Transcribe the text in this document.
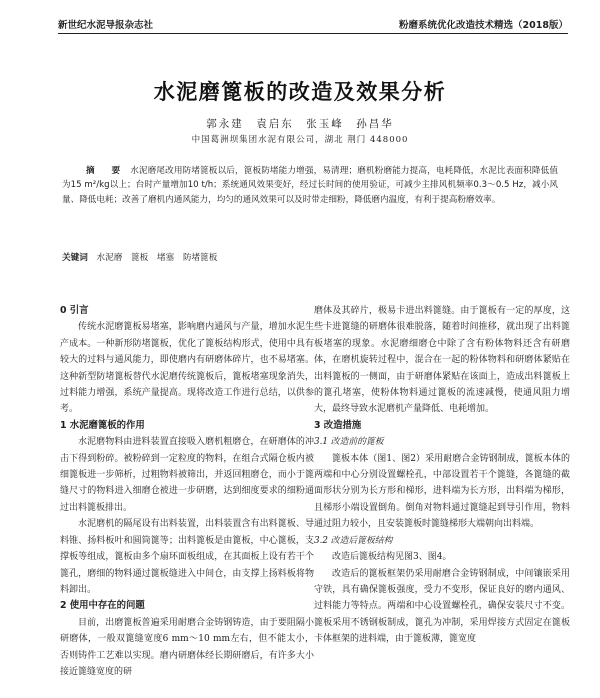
新世纪水泥导报杂志社	粉磨系统优化改造技术精选（2018版）
水泥磨篦板的改造及效果分析
郭永建　袁启东　张玉峰　孙昌华
中国葛洲坝集团水泥有限公司，湖北 荆门 448000
摘　要 水泥磨尾改用防堵篦板以后，篦板防堵能力增强，易清理；磨机粉磨能力提高，电耗降低，水泥比表面积降低值为15 m²/kg以上；台时产量增加10 t/h；系统通风效果变好，经过长时间的使用验证，可减少主排风机频率0.3～0.5 Hz，减小风量、降低电耗；改善了磨机内通风能力，均匀的通风效果可以及时带走细粉，降低磨内温度，有利于提高粉磨效率。
关键词 水泥磨 篦板 堵塞 防堵篦板
0 引言

传统水泥磨篦板易堵塞，影响磨内通风与产量，增加水泥生产成本。一种新形防堵篦板，优化了篦板结构形式，使用中具有较大的过料与通风能力，即使磨内有研磨体碎片，也不易堵塞。这种新型防堵篦板替代水泥磨传统篦板后，篦板堵塞现象消失，过料能力增强，系统产量提高。现将改造工作进行总结，以供参考。

1 水泥磨篦板的作用

水泥磨物料由进料装置直接吸入磨机粗磨仓，在研磨体的冲击下得到粉碎。被粉碎到一定粒度的物料，在组合式隔仓板内被细篦板进一步筛析，过粗物料被筛出，并返回粗磨仓，而小于篦缝尺寸的物料进入细磨仓被进一步研磨，达到细度要求的细粉通过出料篦板排出。

水泥磨机的隔尾设有出料装置，出料装置含有出料篦板、导料锥、扬料板叶和圆筒篦等；出料篦板是由篦板，中心篦板，支撑板等组成，篦板由多个扇环面板组成，在其面板上设有若干个篦孔，磨细的物料通过篦板缝进入中间仓，由支撑上扬料板将物料卸出。

2 使用中存在的问题

目前，出磨篦板普遍采用耐磨合金铸钢铸造，由于要阻隔小研磨体，一般双篦缝宽度6 mm～10 mm左右，但不能太小，否则铸件工艺难以实现。磨内研磨体经长期研磨后，有许多大小接近篦缝宽度的研

磨体及其碎片，极易卡进出料篦缝。由于篦板有一定的厚度，这些卡进篦缝的研磨体很难脱落，随着时间推移，就出现了出料篦板堵塞的现象。水泥磨细磨仓中除了含有粉体物料还含有研磨体，在磨机旋转过程中，混合在一起的粉体物料和研磨体紧贴在出料篦板的一侧面，由于研磨体紧贴在该面上，造成出料篦板上的篦孔堵塞，使粉体物料通过篦板的流速减慢，使通风阻力增大，最终导致水泥磨机产量降低、电耗增加。

3 改造措施
3.1 改造前的篦板

篦板本体（图1、图2）采用耐磨合金铸钢制成，篦板本体的两端和中心分别设置螺栓孔，中部设置若干个篦缝，各篦缝的截面形状分别为长方形和梯形，进料端为长方形，出料端为梯形，且梯形小端设置倒角。倒角对物料通过篦缝起到导引作用，物料通过阻力较小，且安装篦板时篦缝梯形大端朝向出料端。

3.2 改造后篦板结构

改造后篦板结构见图3、图4。

改造后的篦板框架仍采用耐磨合金铸钢制成，中间镶嵌采用守铁，具有确保篦板强度，受力不变形，保证良好的磨内通风、过料能力等特点。两端和中心设置螺栓孔，确保安装尺寸不变。篦板采用不锈钢板制成，篦孔为冲制，采用焊接方式固定在篦板卡体框架的进料端，由于篦板薄，篦宽度
